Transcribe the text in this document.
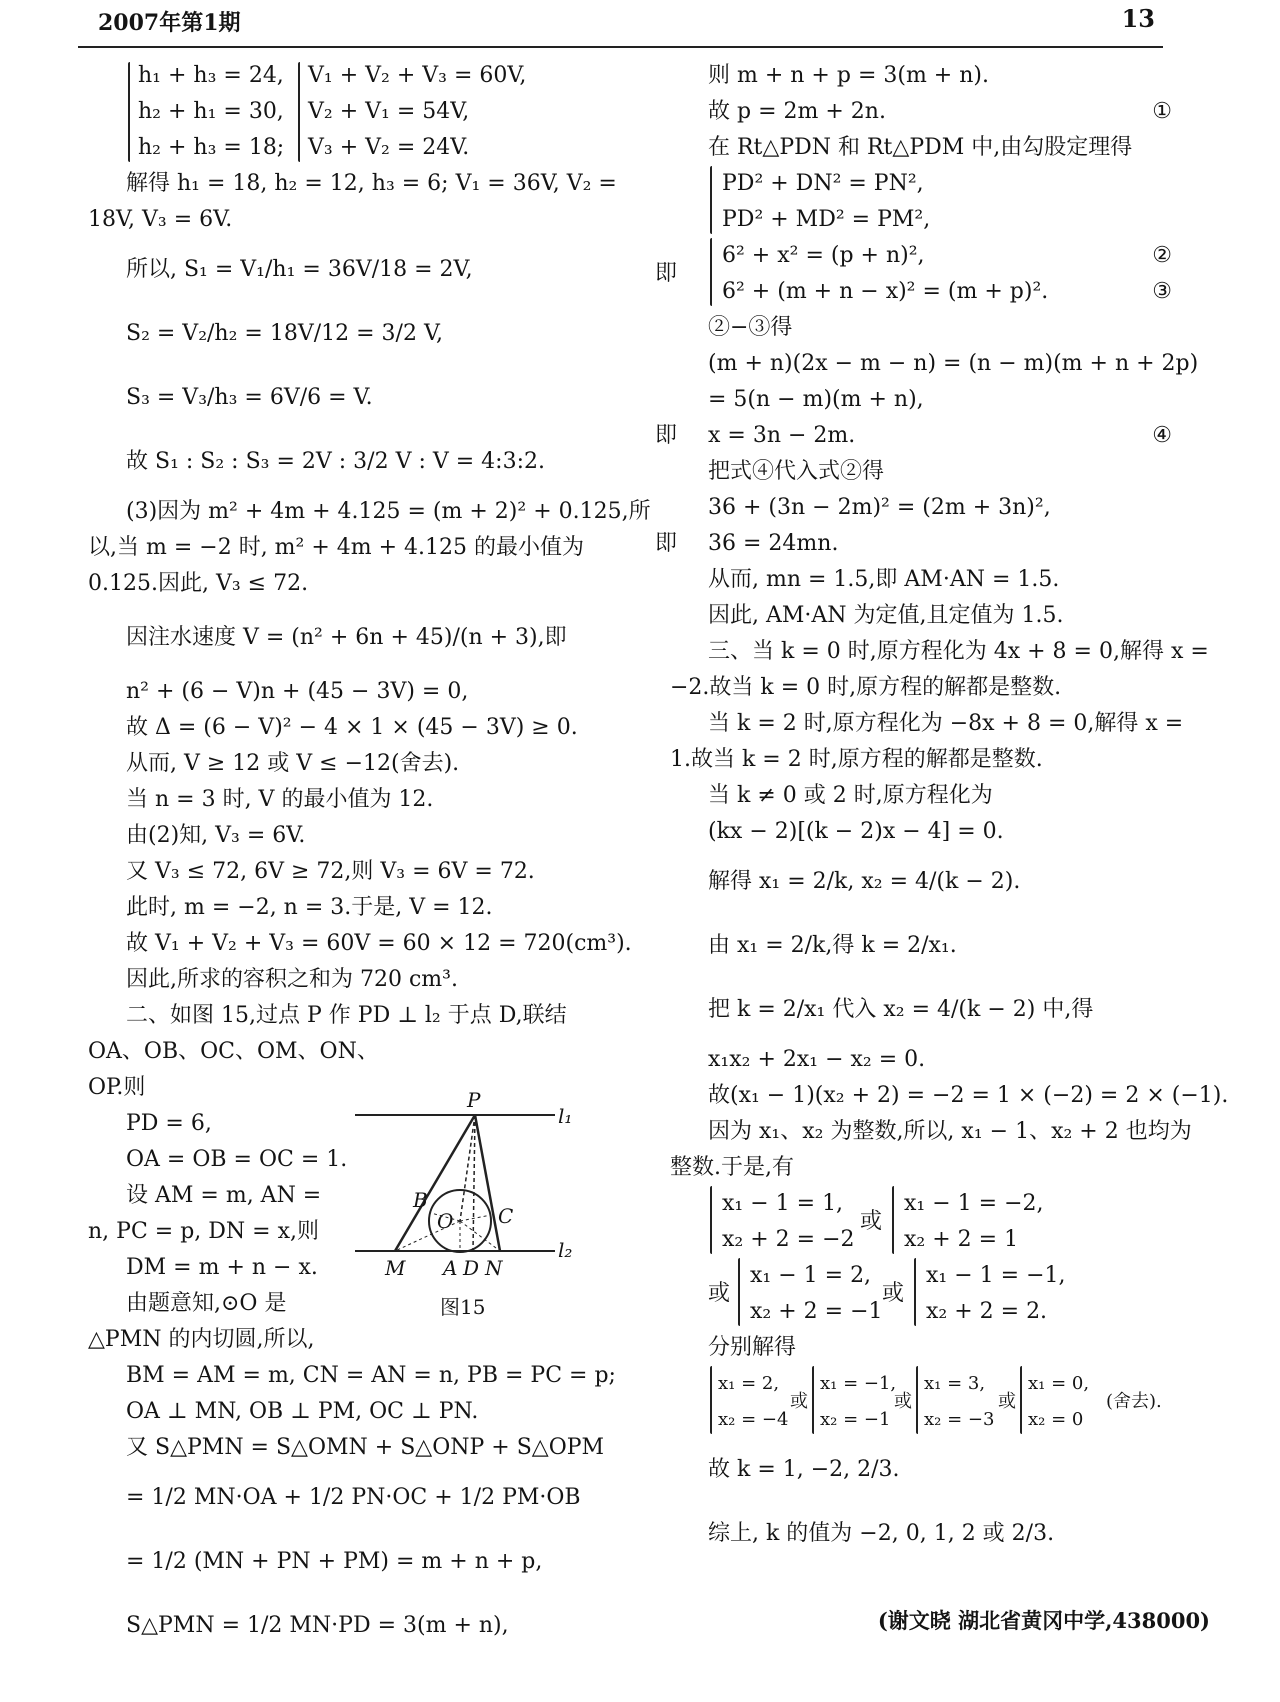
2007年第1期	13
h₁ + h₃ = 24,
h₂ + h₁ = 30,
h₂ + h₃ = 18;
V₁ + V₂ + V₃ = 60V,
V₂ + V₁ = 54V,
V₃ + V₂ = 24V.
解得 h₁ = 18, h₂ = 12, h₃ = 6; V₁ = 36V, V₂ =
18V, V₃ = 6V.
所以, S₁ = V₁/h₁ = 36V/18 = 2V,
S₂ = V₂/h₂ = 18V/12 = 3/2 V,
S₃ = V₃/h₃ = 6V/6 = V.
故 S₁ : S₂ : S₃ = 2V : 3/2 V : V = 4:3:2.
(3)因为 m² + 4m + 4.125 = (m + 2)² + 0.125,所
以,当 m = −2 时, m² + 4m + 4.125 的最小值为
0.125.因此, V₃ ≤ 72.
因注水速度 V = (n² + 6n + 45)/(n + 3),即
n² + (6 − V)n + (45 − 3V) = 0,
故 Δ = (6 − V)² − 4 × 1 × (45 − 3V) ≥ 0.
从而, V ≥ 12 或 V ≤ −12(舍去).
当 n = 3 时, V 的最小值为 12.
由(2)知, V₃ = 6V.
又 V₃ ≤ 72, 6V ≥ 72,则 V₃ = 6V = 72.
此时, m = −2, n = 3.于是, V = 12.
故 V₁ + V₂ + V₃ = 60V = 60 × 12 = 720(cm³).
因此,所求的容积之和为 720 cm³.
二、如图 15,过点 P 作 PD ⊥ l₂ 于点 D,联结
OA、OB、OC、OM、ON、
OP.则
PD = 6,
OA = OB = OC = 1.
设 AM = m, AN =
n, PC = p, DN = x,则
DM = m + n − x.
由题意知,⊙O 是
△PMN 的内切圆,所以,
BM = AM = m, CN = AN = n, PB = PC = p;
OA ⊥ MN, OB ⊥ PM, OC ⊥ PN.
又 S△PMN = S△OMN + S△ONP + S△OPM
= 1/2 MN·OA + 1/2 PN·OC + 1/2 PM·OB
= 1/2 (MN + PN + PM) = m + n + p,
S△PMN = 1/2 MN·PD = 3(m + n),
P
l₁
l₂
B
C
O
M A D N
图15
则 m + n + p = 3(m + n).
故 p = 2m + 2n.	①
在 Rt△PDN 和 Rt△PDM 中,由勾股定理得
PD² + DN² = PN²,
PD² + MD² = PM²,
即
6² + x² = (p + n)²,
6² + (m + n − x)² = (m + p)².
②
③
②−③得
(m + n)(2x − m − n) = (n − m)(m + n + 2p)
= 5(n − m)(m + n),
即 x = 3n − 2m.	④
把式④代入式②得
36 + (3n − 2m)² = (2m + 3n)²,
即 36 = 24mn.
从而, mn = 1.5,即 AM·AN = 1.5.
因此, AM·AN 为定值,且定值为 1.5.
三、当 k = 0 时,原方程化为 4x + 8 = 0,解得 x =
−2.故当 k = 0 时,原方程的解都是整数.
当 k = 2 时,原方程化为 −8x + 8 = 0,解得 x =
1.故当 k = 2 时,原方程的解都是整数.
当 k ≠ 0 或 2 时,原方程化为
(kx − 2)[(k − 2)x − 4] = 0.
解得 x₁ = 2/k, x₂ = 4/(k − 2).
由 x₁ = 2/k,得 k = 2/x₁.
把 k = 2/x₁ 代入 x₂ = 4/(k − 2) 中,得
x₁x₂ + 2x₁ − x₂ = 0.
故(x₁ − 1)(x₂ + 2) = −2 = 1 × (−2) = 2 × (−1).
因为 x₁、x₂ 为整数,所以, x₁ − 1、x₂ + 2 也均为
整数.于是,有
x₁ − 1 = 1,
x₂ + 2 = −2
或
x₁ − 1 = −2,
x₂ + 2 = 1
或
x₁ − 1 = 2,
x₂ + 2 = −1
或
x₁ − 1 = −1,
x₂ + 2 = 2.
分别解得
x₁ = 2,
x₂ = −4
或
x₁ = −1,
x₂ = −1
或
x₁ = 3,
x₂ = −3
或
x₁ = 0,
x₂ = 0
(舍去).
故 k = 1, −2, 2/3.
综上, k 的值为 −2, 0, 1, 2 或 2/3.
(谢文晓 湖北省黄冈中学,438000)
